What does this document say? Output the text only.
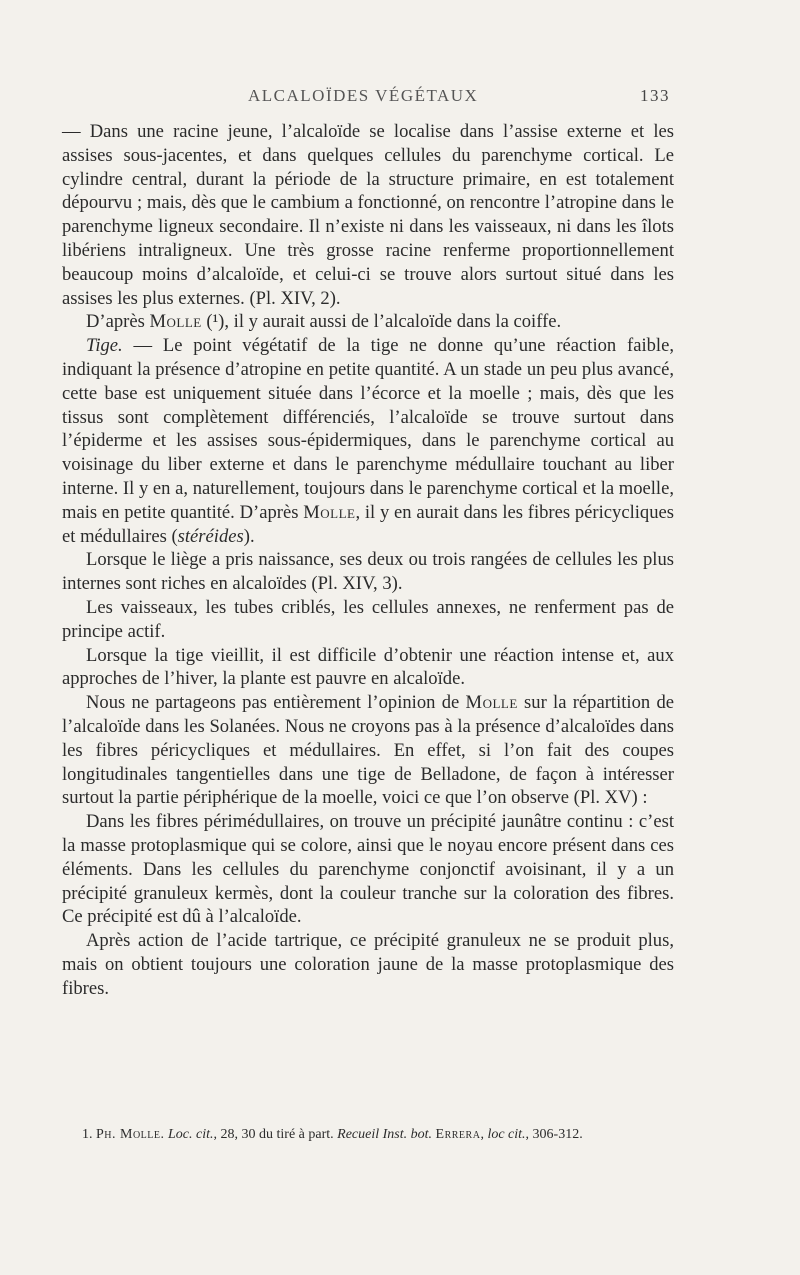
ALCALOÏDES VÉGÉTAUX	133

— Dans une racine jeune, l’alcaloïde se localise dans l’assise externe et les assises sous-jacentes, et dans quelques cellules du parenchyme cortical. Le cylindre central, durant la période de la structure primaire, en est totalement dépourvu ; mais, dès que le cambium a fonctionné, on rencontre l’atropine dans le parenchyme ligneux secondaire. Il n’existe ni dans les vaisseaux, ni dans les îlots libériens intraligneux. Une très grosse racine renferme proportionnellement beaucoup moins d’alcaloïde, et celui-ci se trouve alors surtout situé dans les assises les plus externes. (Pl. XIV, 2).

D’après Molle (¹), il y aurait aussi de l’alcaloïde dans la coiffe.

Tige. — Le point végétatif de la tige ne donne qu’une réaction faible, indiquant la présence d’atropine en petite quantité. A un stade un peu plus avancé, cette base est uniquement située dans l’écorce et la moelle ; mais, dès que les tissus sont complètement différenciés, l’alcaloïde se trouve surtout dans l’épiderme et les assises sous-épidermiques, dans le parenchyme cortical au voisinage du liber externe et dans le parenchyme médullaire touchant au liber interne. Il y en a, naturellement, toujours dans le parenchyme cortical et la moelle, mais en petite quantité. D’après Molle, il y en aurait dans les fibres péricycliques et médullaires (stéréides).

Lorsque le liège a pris naissance, ses deux ou trois rangées de cellules les plus internes sont riches en alcaloïdes (Pl. XIV, 3).

Les vaisseaux, les tubes criblés, les cellules annexes, ne renferment pas de principe actif.

Lorsque la tige vieillit, il est difficile d’obtenir une réaction intense et, aux approches de l’hiver, la plante est pauvre en alcaloïde.

Nous ne partageons pas entièrement l’opinion de Molle sur la répartition de l’alcaloïde dans les Solanées. Nous ne croyons pas à la présence d’alcaloïdes dans les fibres péricycliques et médullaires. En effet, si l’on fait des coupes longitudinales tangentielles dans une tige de Belladone, de façon à intéresser surtout la partie périphérique de la moelle, voici ce que l’on observe (Pl. XV) :

Dans les fibres périmédullaires, on trouve un précipité jaunâtre continu : c’est la masse protoplasmique qui se colore, ainsi que le noyau encore présent dans ces éléments. Dans les cellules du parenchyme conjonctif avoisinant, il y a un précipité granuleux kermès, dont la couleur tranche sur la coloration des fibres. Ce précipité est dû à l’alcaloïde.

Après action de l’acide tartrique, ce précipité granuleux ne se produit plus, mais on obtient toujours une coloration jaune de la masse protoplasmique des fibres.

1. Ph. Molle. Loc. cit., 28, 30 du tiré à part. Recueil Inst. bot. Errera, loc cit., 306-312.
